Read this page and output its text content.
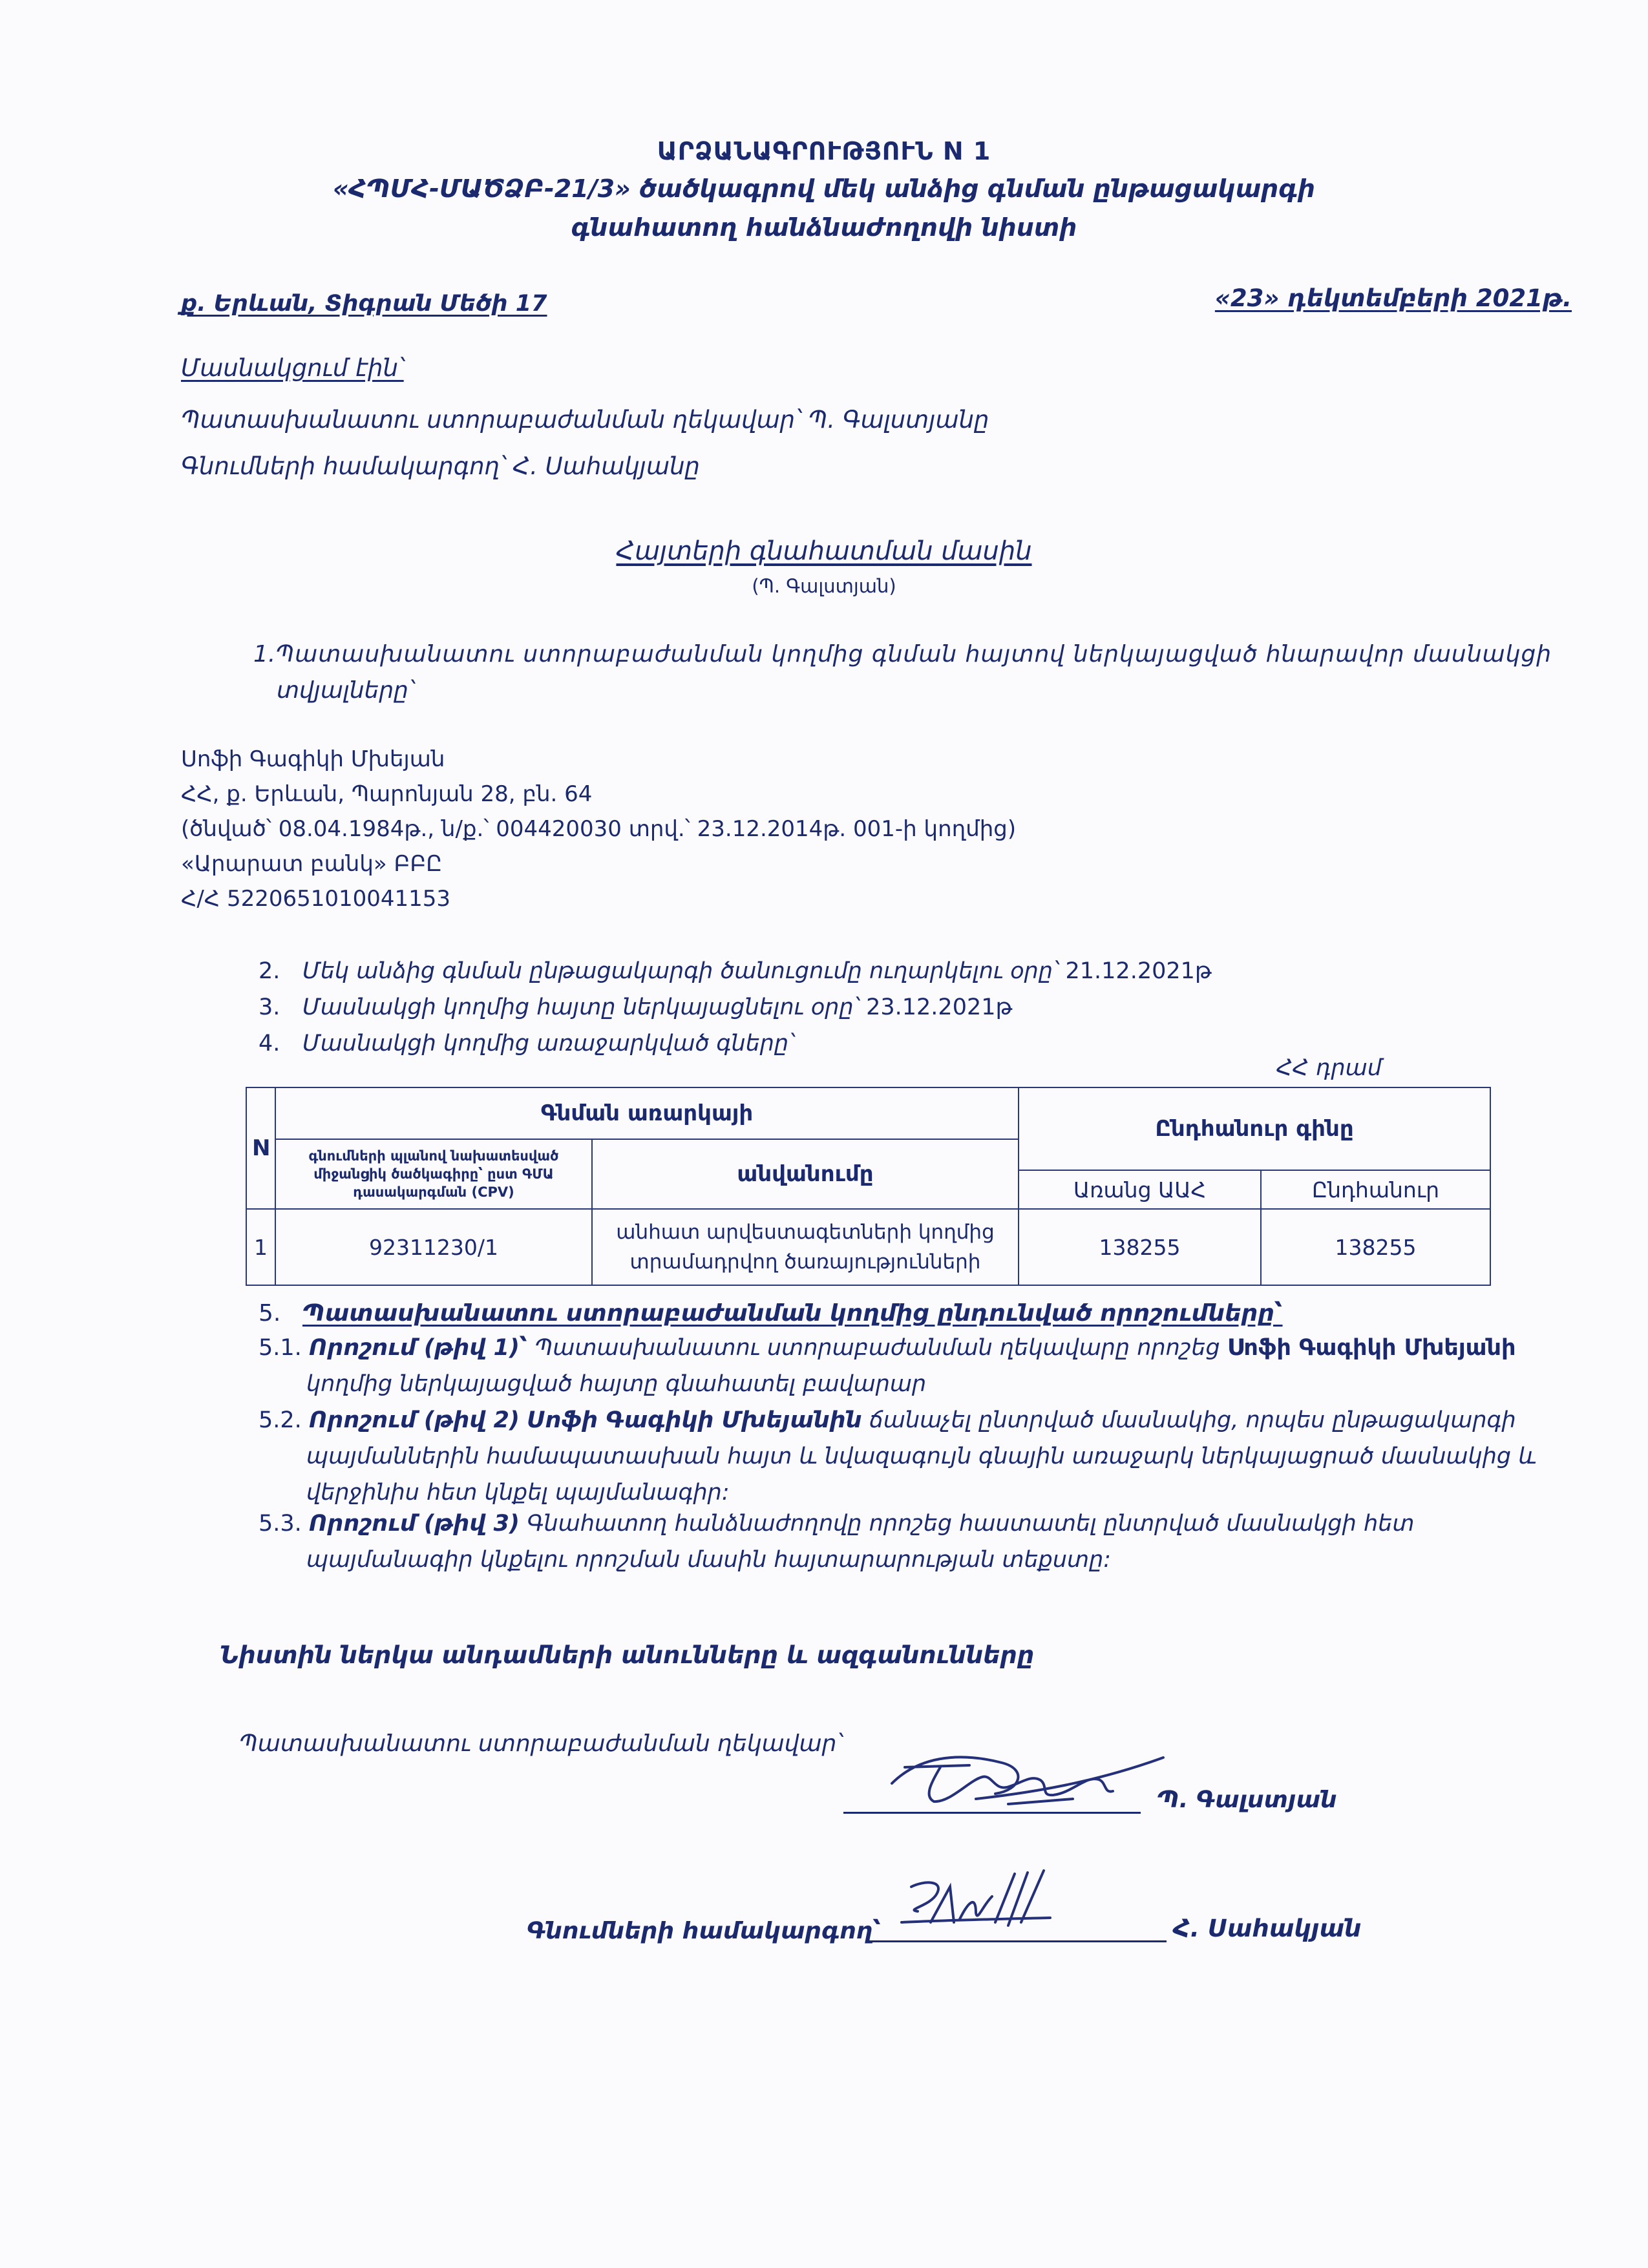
ԱՐՁԱՆԱԳՐՈՒԹՅՈՒՆ N 1
«ՀՊՄՀ-ՄԱԾՁԲ-21/3» ծածկագրով մեկ անձից գնման ընթացակարգի
գնահատող հանձնաժողովի նիստի
ք. Երևան, Տիգրան Մեծի 17	«23» դեկտեմբերի 2021թ.
Մասնակցում էին՝
Պատասխանատու ստորաբաժանման ղեկավար՝ Պ. Գալստյանը
Գնումների համակարգող՝ Հ. Սահակյանը
Հայտերի գնահատման մասին
(Պ. Գալստյան)
1.Պատասխանատու ստորաբաժանման կողմից գնման հայտով ներկայացված հնարավոր մասնակցի
տվյալները՝
Սոֆի Գագիկի Մխեյան
ՀՀ, ք. Երևան, Պարոնյան 28, բն. 64
(ծնված՝ 08.04.1984թ., ն/ք.՝ 004420030 տրվ.՝ 23.12.2014թ. 001-ի կողմից)
«Արարատ բանկ» ԲԲԸ
Հ/Հ 5220651010041153
2. Մեկ անձից գնման ընթացակարգի ծանուցումը ուղարկելու օրը՝ 21.12.2021թ
3. Մասնակցի կողմից հայտը ներկայացնելու օրը՝ 23.12.2021թ
4. Մասնակցի կողմից առաջարկված գները՝
ՀՀ դրամ
N	Գնման առարկայի		Ընդհանուր գինը	
	գնումների պլանով նախատեսված միջանցիկ ծածկագիրը՝ ըստ ԳՄԱ դասակարգման (CPV)	անվանումը		
			Առանց ԱԱՀ	Ընդհանուր
1	92311230/1	անհատ արվեստագետների կողմից տրամադրվող ծառայությունների	138255	138255
5. Պատասխանատու ստորաբաժանման կողմից ընդունված որոշումները՝
5.1. Որոշում (թիվ 1)՝ Պատասխանատու ստորաբաժանման ղեկավարը որոշեց Սոֆի Գագիկի Մխեյանի
կողմից ներկայացված հայտը գնահատել բավարար
5.2. Որոշում (թիվ 2) Սոֆի Գագիկի Մխեյանին ճանաչել ընտրված մասնակից, որպես ընթացակարգի
պայմաններին համապատասխան հայտ և նվազագույն գնային առաջարկ ներկայացրած մասնակից և
վերջինիս հետ կնքել պայմանագիր:
5.3. Որոշում (թիվ 3) Գնահատող հանձնաժողովը որոշեց հաստատել ընտրված մասնակցի հետ
պայմանագիր կնքելու որոշման մասին հայտարարության տեքստը:
Նիստին ներկա անդամների անունները և ազգանունները
Պատասխանատու ստորաբաժանման ղեկավար՝
Պ. Գալստյան
Գնումների համակարգող՝	Հ. Սահակյան
